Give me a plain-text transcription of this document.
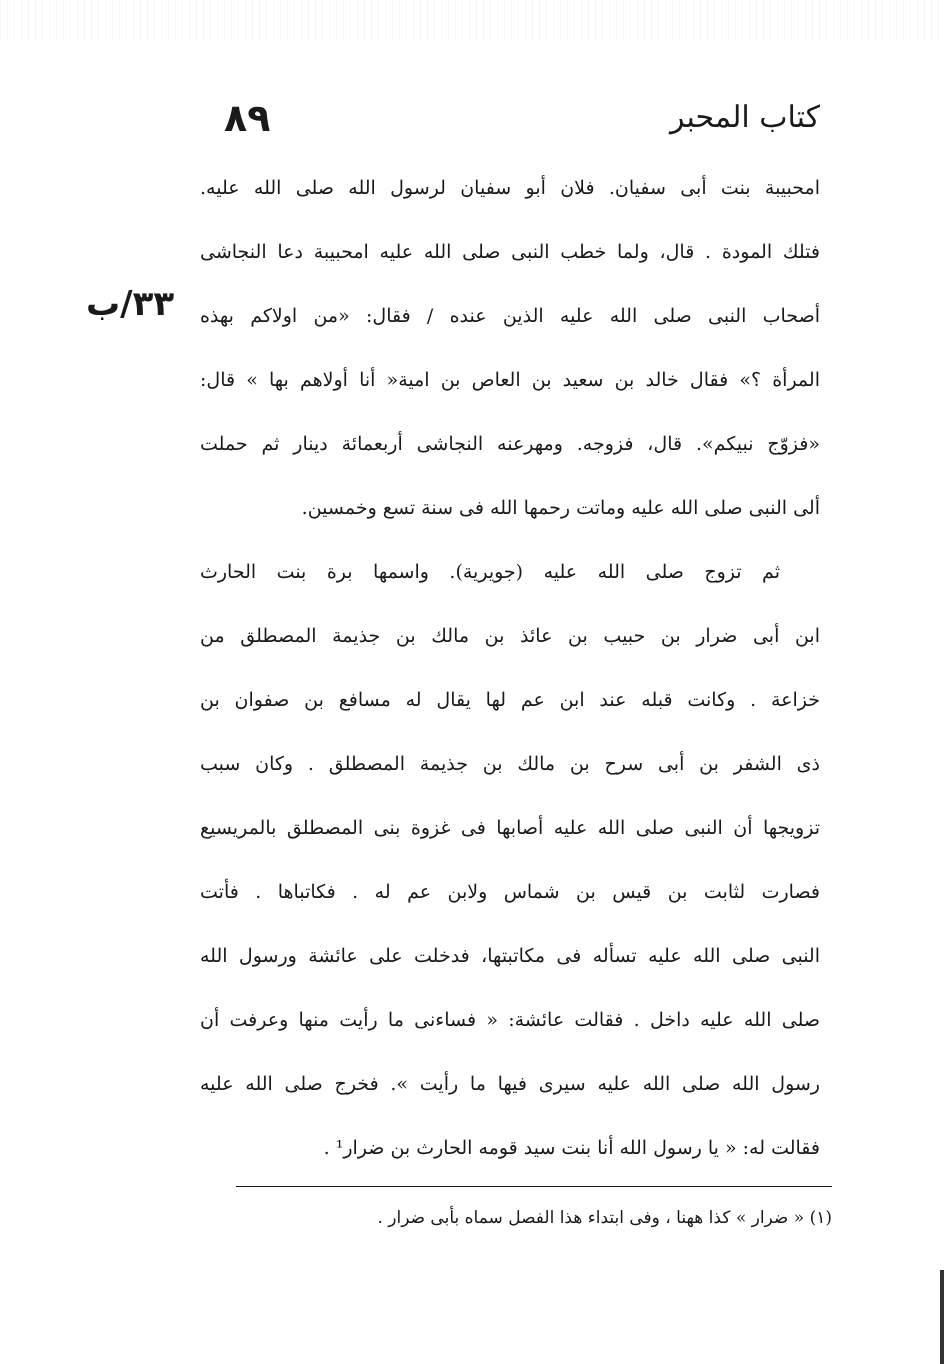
٨٩	كتاب المحبر
٣٣/ب
امحبيبة بنت أبى سفيان. فلان أبو سفيان لرسول الله صلى الله عليه.
فتلك المودة . قال، ولما خطب النبى صلى الله عليه امحبيبة دعا النجاشى
أصحاب النبى صلى الله عليه الذين عنده / فقال: «من اولاكم بهذه
المرأة ؟» فقال خالد بن سعيد بن العاص بن امية« أنا أولاهم بها » قال:
«فزوّج نبيكم». قال، فزوجه. ومهرعنه النجاشى أربعمائة دينار ثم حملت
ألى النبى صلى الله عليه وماتت رحمها الله فى سنة تسع وخمسين.
ثم تزوج صلى الله عليه (جويرية). واسمها برة بنت الحارث
ابن أبى ضرار بن حبيب بن عائذ بن مالك بن جذيمة المصطلق من
خزاعة . وكانت قبله عند ابن عم لها يقال له مسافع بن صفوان بن
ذى الشفر بن أبى سرح بن مالك بن جذيمة المصطلق . وكان سبب
تزويجها أن النبى صلى الله عليه أصابها فى غزوة بنى المصطلق بالمريسيع
فصارت لثابت بن قيس بن شماس ولابن عم له . فكاتباها . فأتت
النبى صلى الله عليه تسأله فى مكاتبتها، فدخلت على عائشة ورسول الله
صلى الله عليه داخل . فقالت عائشة: « فساءنى ما رأيت منها وعرفت أن
رسول الله صلى الله عليه سيرى فيها ما رأيت ». فخرج صلى الله عليه
فقالت له: « يا رسول الله أنا بنت سيد قومه الحارث بن ضرار¹ .
(١) « ضرار » كذا ههنا ، وفى ابتداء هذا الفصل سماه بأبى ضرار .
